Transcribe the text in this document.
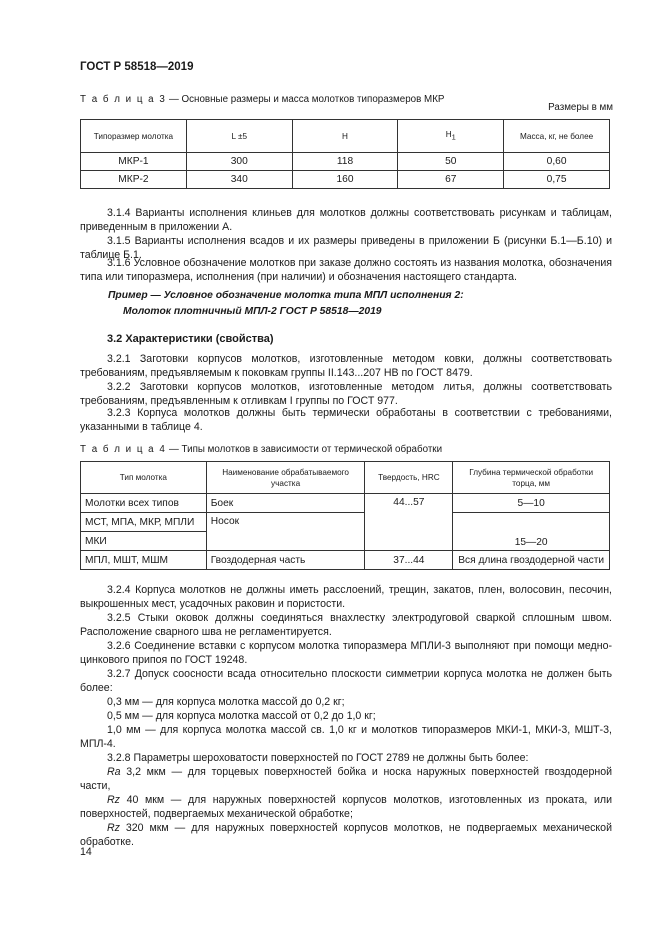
ГОСТ Р 58518—2019
Т а б л и ц а 3 — Основные размеры и масса молотков типоразмеров МКР
Размеры в мм
Типоразмер молотка	L ±5	H	H1	Масса, кг, не более
МКР-1	300	118	50	0,60
МКР-2	340	160	67	0,75
3.1.4 Варианты исполнения клиньев для молотков должны соответствовать рисункам и таблицам, приведенным в приложении А.
3.1.5 Варианты исполнения всадов и их размеры приведены в приложении Б (рисунки Б.1—Б.10) и таблице Б.1.
3.1.6 Условное обозначение молотков при заказе должно состоять из названия молотка, обозначения типа или типоразмера, исполнения (при наличии) и обозначения настоящего стандарта.
Пример — Условное обозначение молотка типа МПЛ исполнения 2:
Молоток плотничный МПЛ-2 ГОСТ Р 58518—2019
3.2 Характеристики (свойства)
3.2.1 Заготовки корпусов молотков, изготовленные методом ковки, должны соответствовать требованиям, предъявляемым к поковкам группы II.143...207 НВ по ГОСТ 8479.
3.2.2 Заготовки корпусов молотков, изготовленные методом литья, должны соответствовать требованиям, предъявленным к отливкам I группы по ГОСТ 977.
3.2.3 Корпуса молотков должны быть термически обработаны в соответствии с требованиями, указанными в таблице 4.
Т а б л и ц а 4 — Типы молотков в зависимости от термической обработки
Тип молотка	Наименование обрабатываемого участка	Твердость, HRC	Глубина термической обработки торца, мм
Молотки всех типов	Боек	44...57	5—10
МСТ, МПА, МКР, МПЛИ	Носок		15—20
МКИ			
МПЛ, МШТ, МШМ	Гвоздодерная часть	37...44	Вся длина гвоздодерной части
3.2.4 Корпуса молотков не должны иметь расслоений, трещин, закатов, плен, волосовин, песочин, выкрошенных мест, усадочных раковин и пористости.
3.2.5 Стыки оковок должны соединяться внахлестку электродуговой сваркой сплошным швом. Расположение сварного шва не регламентируется.
3.2.6 Соединение вставки с корпусом молотка типоразмера МПЛИ-3 выполняют при помощи медно-цинкового припоя по ГОСТ 19248.
3.2.7 Допуск соосности всада относительно плоскости симметрии корпуса молотка не должен быть более:
0,3 мм — для корпуса молотка массой до 0,2 кг;
0,5 мм — для корпуса молотка массой от 0,2 до 1,0 кг;
1,0 мм — для корпуса молотка массой св. 1,0 кг и молотков типоразмеров МКИ-1, МКИ-3, МШТ-3, МПЛ-4.
3.2.8 Параметры шероховатости поверхностей по ГОСТ 2789 не должны быть более:
Ra 3,2 мкм — для торцевых поверхностей бойка и носка наружных поверхностей гвоздодерной части,
Rz 40 мкм — для наружных поверхностей корпусов молотков, изготовленных из проката, или поверхностей, подвергаемых механической обработке;
Rz 320 мкм — для наружных поверхностей корпусов молотков, не подвергаемых механической обработке.
14
